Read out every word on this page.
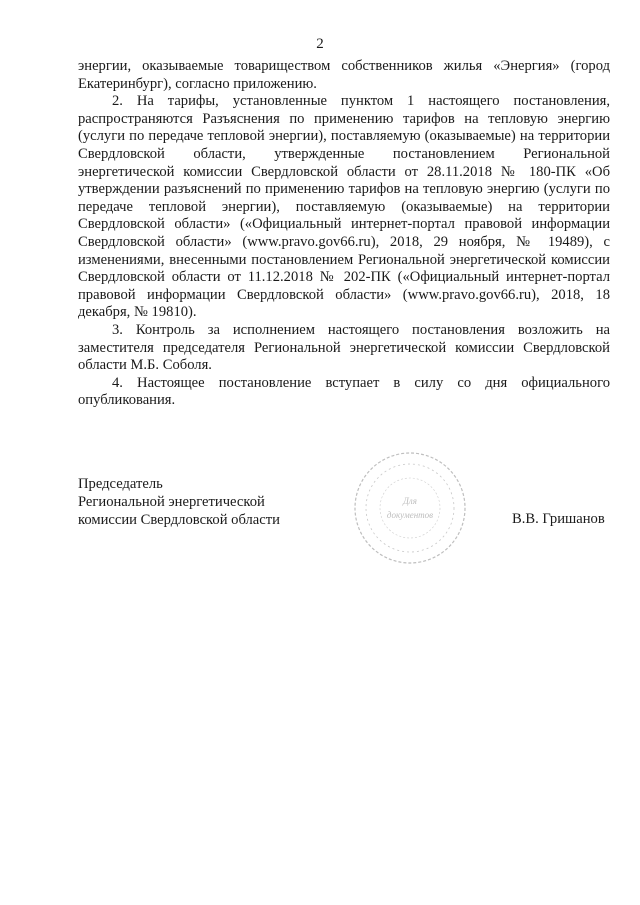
2

энергии, оказываемые товариществом собственников жилья «Энергия» (город Екатеринбург), согласно приложению.

2. На тарифы, установленные пунктом 1 настоящего постановления, распространяются Разъяснения по применению тарифов на тепловую энергию (услуги по передаче тепловой энергии), поставляемую (оказываемые) на территории Свердловской области, утвержденные постановлением Региональной энергетической комиссии Свердловской области от 28.11.2018 № 180-ПК «Об утверждении разъяснений по применению тарифов на тепловую энергию (услуги по передаче тепловой энергии), поставляемую (оказываемые) на территории Свердловской области» («Официальный интернет-портал правовой информации Свердловской области» (www.pravo.gov66.ru), 2018, 29 ноября, № 19489), с изменениями, внесенными постановлением Региональной энергетической комиссии Свердловской области от 11.12.2018 № 202-ПК («Официальный интернет-портал правовой информации Свердловской области» (www.pravo.gov66.ru), 2018, 18 декабря, № 19810).

3. Контроль за исполнением настоящего постановления возложить на заместителя председателя Региональной энергетической комиссии Свердловской области М.Б. Соболя.

4. Настоящее постановление вступает в силу со дня официального опубликования.

Председатель
Региональной энергетической
комиссии Свердловской области
Для
документов	В.В. Гришанов
